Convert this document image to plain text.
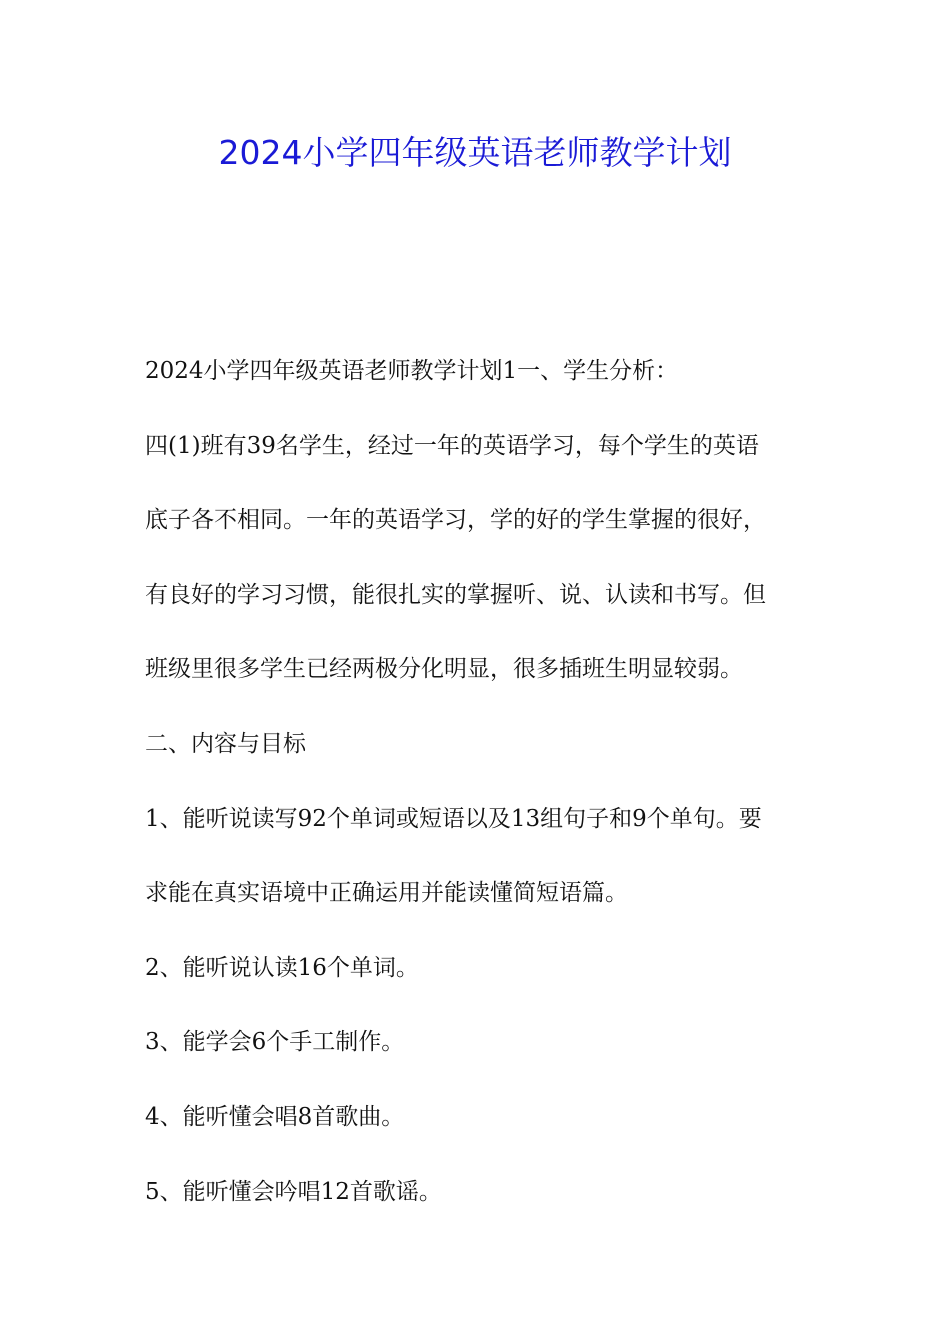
2024小学四年级英语老师教学计划

2024小学四年级英语老师教学计划1一、学生分析：

四(1)班有39名学生，经过一年的英语学习，每个学生的英语

底子各不相同。一年的英语学习，学的好的学生掌握的很好，

有良好的学习习惯，能很扎实的掌握听、说、认读和书写。但

班级里很多学生已经两极分化明显，很多插班生明显较弱。

二、内容与目标

1、能听说读写92个单词或短语以及13组句子和9个单句。要

求能在真实语境中正确运用并能读懂简短语篇。

2、能听说认读16个单词。

3、能学会6个手工制作。

4、能听懂会唱8首歌曲。

5、能听懂会吟唱12首歌谣。
